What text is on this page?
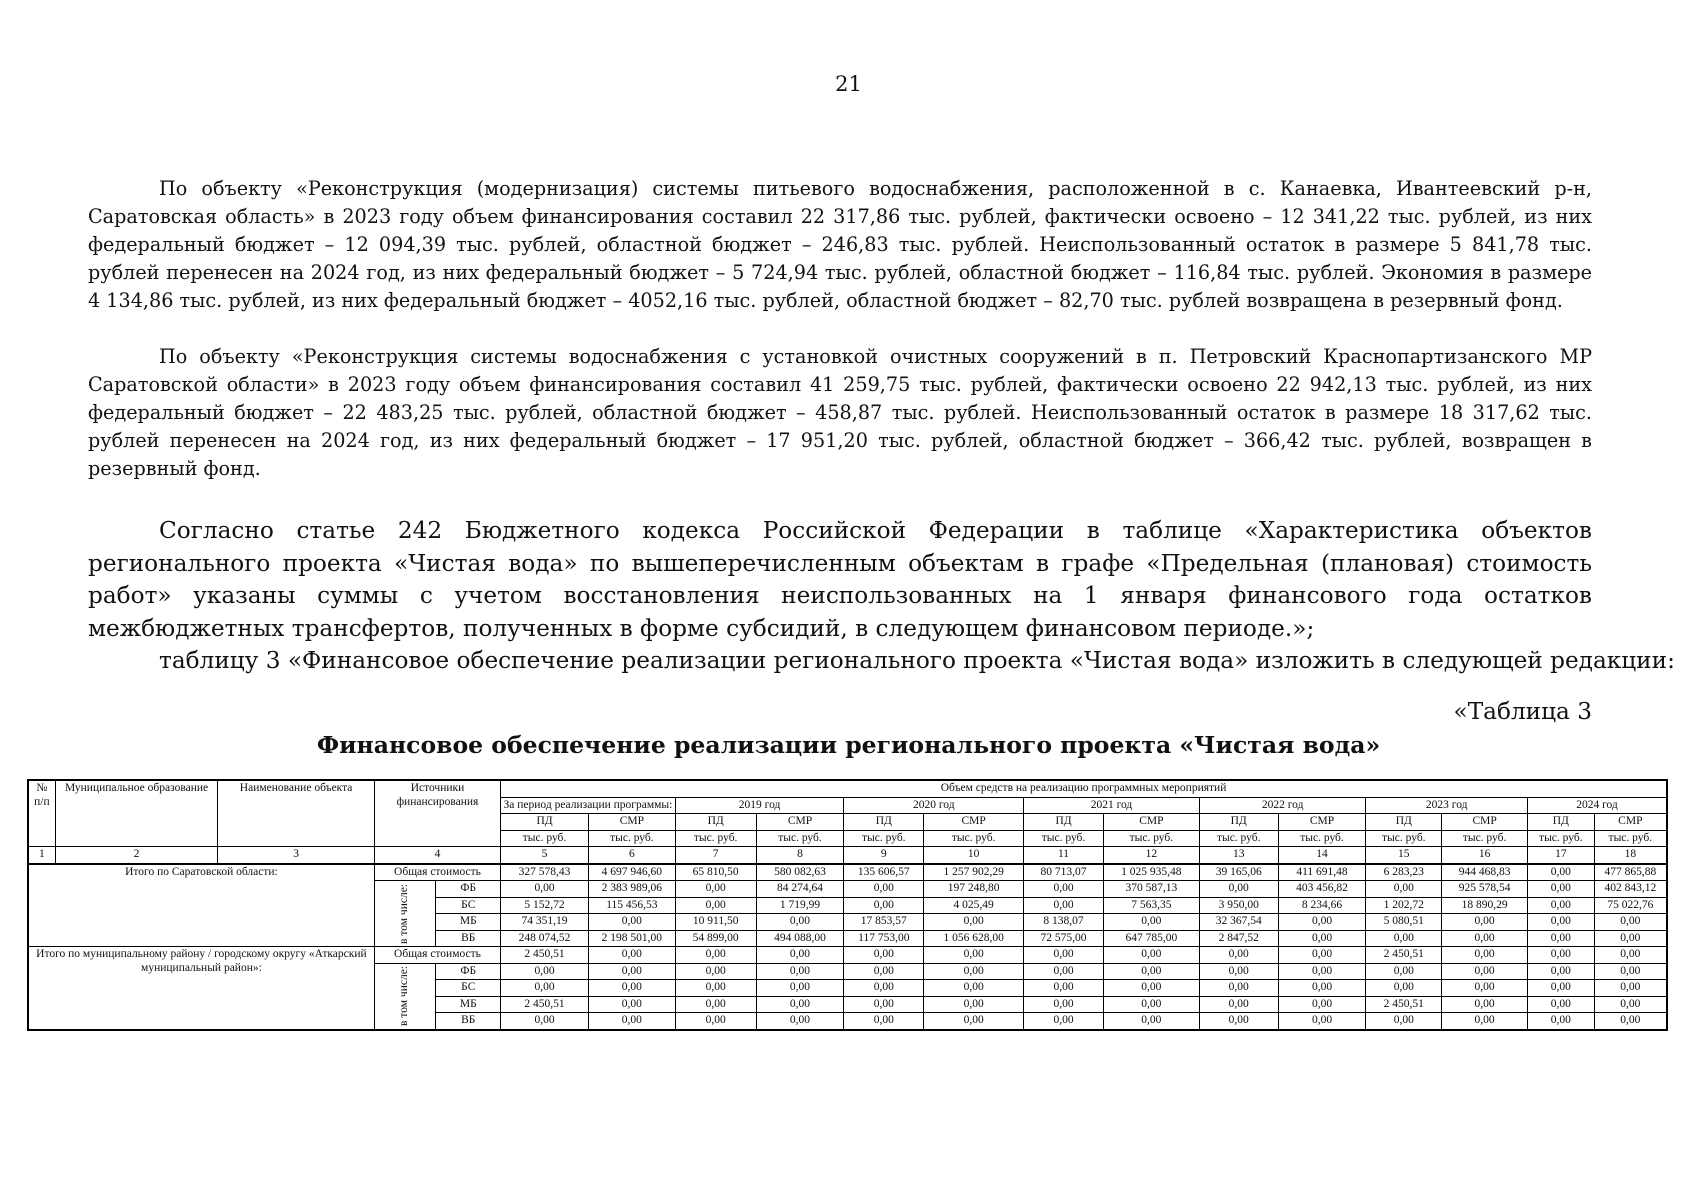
21

По объекту «Реконструкция (модернизация) системы питьевого водоснабжения, расположенной в с. Канаевка, Ивантеевский р-н, Саратовская область» в 2023 году объем финансирования составил 22 317,86 тыс. рублей, фактически освоено – 12 341,22 тыс. рублей, из них федеральный бюджет – 12 094,39 тыс. рублей, областной бюджет – 246,83 тыс. рублей. Неиспользованный остаток в размере 5 841,78 тыс. рублей перенесен на 2024 год, из них федеральный бюджет – 5 724,94 тыс. рублей, областной бюджет – 116,84 тыс. рублей. Экономия в размере 4 134,86 тыс. рублей, из них федеральный бюджет – 4052,16 тыс. рублей, областной бюджет – 82,70 тыс. рублей возвращена в резервный фонд.

По объекту «Реконструкция системы водоснабжения с установкой очистных сооружений в п. Петровский Краснопартизанского МР Саратовской области» в 2023 году объем финансирования составил 41 259,75 тыс. рублей, фактически освоено 22 942,13 тыс. рублей, из них федеральный бюджет – 22 483,25 тыс. рублей, областной бюджет – 458,87 тыс. рублей. Неиспользованный остаток в размере 18 317,62 тыс. рублей перенесен на 2024 год, из них федеральный бюджет – 17 951,20 тыс. рублей, областной бюджет – 366,42 тыс. рублей, возвращен в резервный фонд.

Согласно статье 242 Бюджетного кодекса Российской Федерации в таблице «Характеристика объектов регионального проекта «Чистая вода» по вышеперечисленным объектам в графе «Предельная (плановая) стоимость работ» указаны суммы с учетом восстановления неиспользованных на 1 января финансового года остатков межбюджетных трансфертов, полученных в форме субсидий, в следующем финансовом периоде.»;

таблицу 3 «Финансовое обеспечение реализации регионального проекта «Чистая вода» изложить в следующей редакции:

«Таблица 3

Финансовое обеспечение реализации регионального проекта «Чистая вода»

№ п/п	Муниципальное образование	Наименование объекта	Источники финансирования		Объем средств на реализацию программных мероприятий													
					За период реализации программы:		2019 год		2020 год		2021 год		2022 год		2023 год		2024 год	
					ПД	СМР	ПД	СМР	ПД	СМР	ПД	СМР	ПД	СМР	ПД	СМР	ПД	СМР
					тыс. руб.	тыс. руб.	тыс. руб.	тыс. руб.	тыс. руб.	тыс. руб.	тыс. руб.	тыс. руб.	тыс. руб.	тыс. руб.	тыс. руб.	тыс. руб.	тыс. руб.	тыс. руб.
1	2	3	4		5	6	7	8	9	10	11	12	13	14	15	16	17	18
Итого по Саратовской области:			Общая стоимость		327 578,43	4 697 946,60	65 810,50	580 082,63	135 606,57	1 257 902,29	80 713,07	1 025 935,48	39 165,06	411 691,48	6 283,23	944 468,83	0,00	477 865,88

			в том числе:	ФБ	0,00	2 383 989,06	0,00	84 274,64	0,00	197 248,80	0,00	370 587,13	0,00	403 456,82	0,00	925 578,54	0,00	402 843,12
				БС	5 152,72	115 456,53	0,00	1 719,99	0,00	4 025,49	0,00	7 563,35	3 950,00	8 234,66	1 202,72	18 890,29	0,00	75 022,76
				МБ	74 351,19	0,00	10 911,50	0,00	17 853,57	0,00	8 138,07	0,00	32 367,54	0,00	5 080,51	0,00	0,00	0,00
				ВБ	248 074,52	2 198 501,00	54 899,00	494 088,00	117 753,00	1 056 628,00	72 575,00	647 785,00	2 847,52	0,00	0,00	0,00	0,00	0,00
Итого по муниципальному району / городскому округу «Аткарский муниципальный район»:			Общая стоимость		2 450,51	0,00	0,00	0,00	0,00	0,00	0,00	0,00	0,00	0,00	2 450,51	0,00	0,00	0,00

			в том числе:	ФБ	0,00	0,00	0,00	0,00	0,00	0,00	0,00	0,00	0,00	0,00	0,00	0,00	0,00	0,00
				БС	0,00	0,00	0,00	0,00	0,00	0,00	0,00	0,00	0,00	0,00	0,00	0,00	0,00	0,00
				МБ	2 450,51	0,00	0,00	0,00	0,00	0,00	0,00	0,00	0,00	0,00	2 450,51	0,00	0,00	0,00
				ВБ	0,00	0,00	0,00	0,00	0,00	0,00	0,00	0,00	0,00	0,00	0,00	0,00	0,00	0,00
